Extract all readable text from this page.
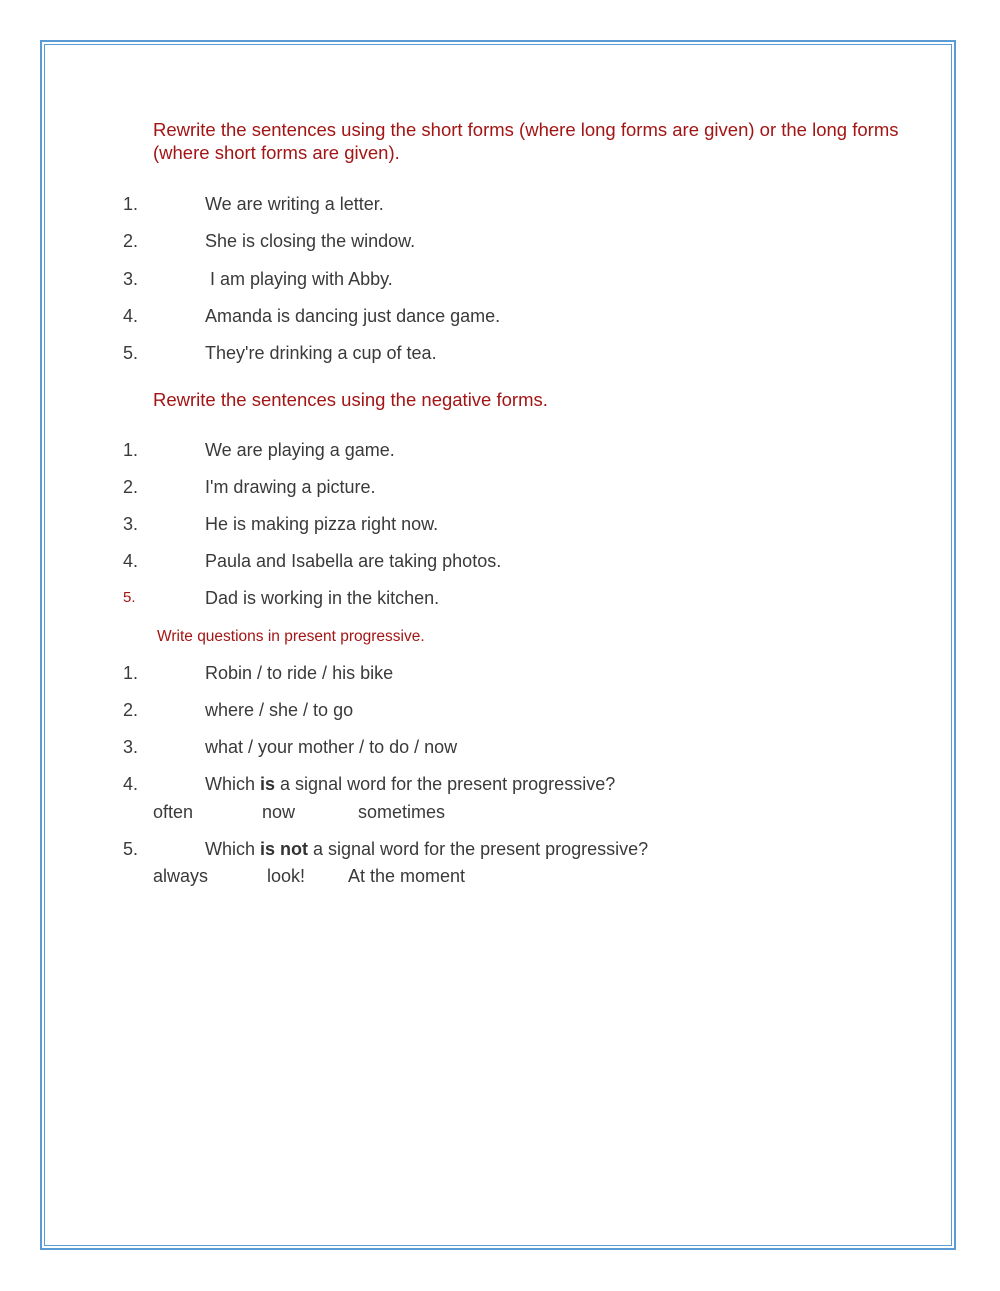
Rewrite the sentences using the short forms (where long forms are given) or the long forms (where short forms are given).

1.	We are writing a letter.
2.	She is closing the window.
3.	I am playing with Abby.
4.	Amanda is dancing just dance game.
5.	They're drinking a cup of tea.

Rewrite the sentences using the negative forms.

1.	We are playing a game.
2.	I'm drawing a picture.
3.	He is making pizza right now.
4.	Paula and Isabella are taking photos.
5.	Dad is working in the kitchen.

Write questions in present progressive.

1.	Robin / to ride / his bike
2.	where / she / to go
3.	what / your mother / to do / now
4.	Which is a signal word for the present progressive?
often	now	sometimes
5.	Which is not a signal word for the present progressive?
always	look! At the moment
